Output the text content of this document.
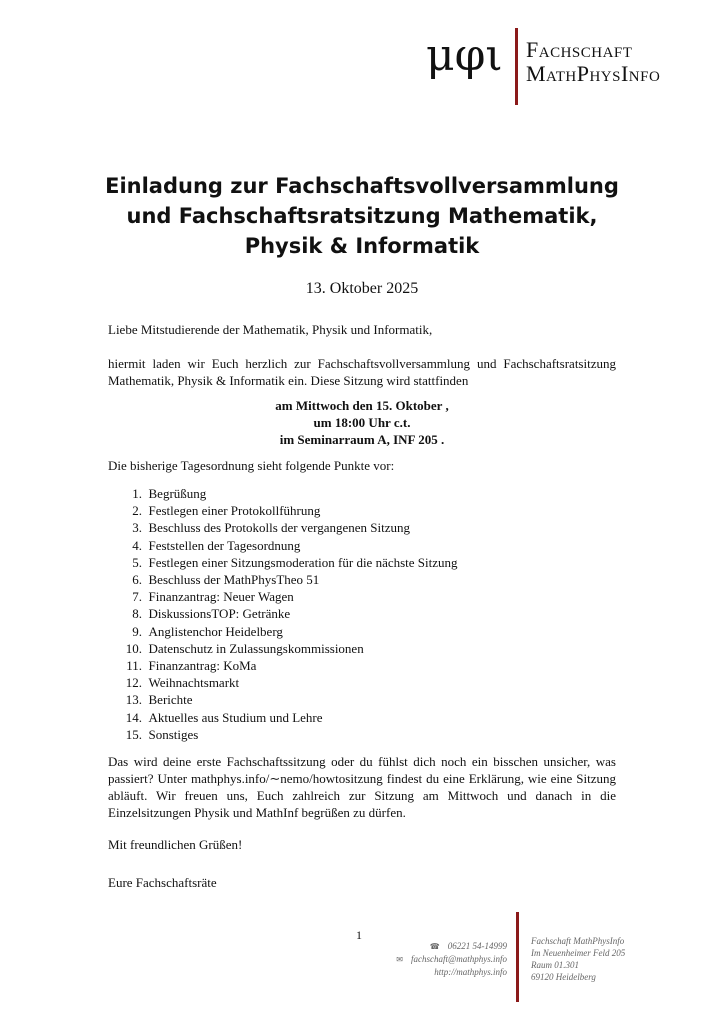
μφι Fachschaft
MathPhysInfo
Einladung zur Fachschaftsvollversammlung
und Fachschaftsratsitzung Mathematik,
Physik & Informatik
13. Oktober 2025
Liebe Mitstudierende der Mathematik, Physik und Informatik,
hiermit laden wir Euch herzlich zur Fachschaftsvollversammlung und Fachschaftsratsitzung Mathematik, Physik & Informatik ein. Diese Sitzung wird stattfinden
am Mittwoch den 15. Oktober ,
um 18:00 Uhr c.t.
im Seminarraum A, INF 205 .
Die bisherige Tagesordnung sieht folgende Punkte vor:
1.
Begrüßung
2.
Festlegen einer Protokollführung
3.
Beschluss des Protokolls der vergangenen Sitzung
4.
Feststellen der Tagesordnung
5.
Festlegen einer Sitzungsmoderation für die nächste Sitzung
6.
Beschluss der MathPhysTheo 51
7.
Finanzantrag: Neuer Wagen
8.
DiskussionsTOP: Getränke
9.
Anglistenchor Heidelberg
10.
Datenschutz in Zulassungskommissionen
11.
Finanzantrag: KoMa
12.
Weihnachtsmarkt
13.
Berichte
14.
Aktuelles aus Studium und Lehre
15.
Sonstiges
Das wird deine erste Fachschaftssitzung oder du fühlst dich noch ein bisschen unsicher, was passiert? Unter mathphys.info/∼nemo/howtositzung findest du eine Erklärung, wie eine Sitzung abläuft. Wir freuen uns, Euch zahlreich zur Sitzung am Mittwoch und danach in die Einzelsitzungen Physik und MathInf begrüßen zu dürfen.
Mit freundlichen Grüßen!
Eure Fachschaftsräte
1
☎ 06221 54-14999
✉ fachschaft@mathphys.info
http://mathphys.info
Fachschaft MathPhysInfo
Im Neuenheimer Feld 205
Raum 01.301
69120 Heidelberg
